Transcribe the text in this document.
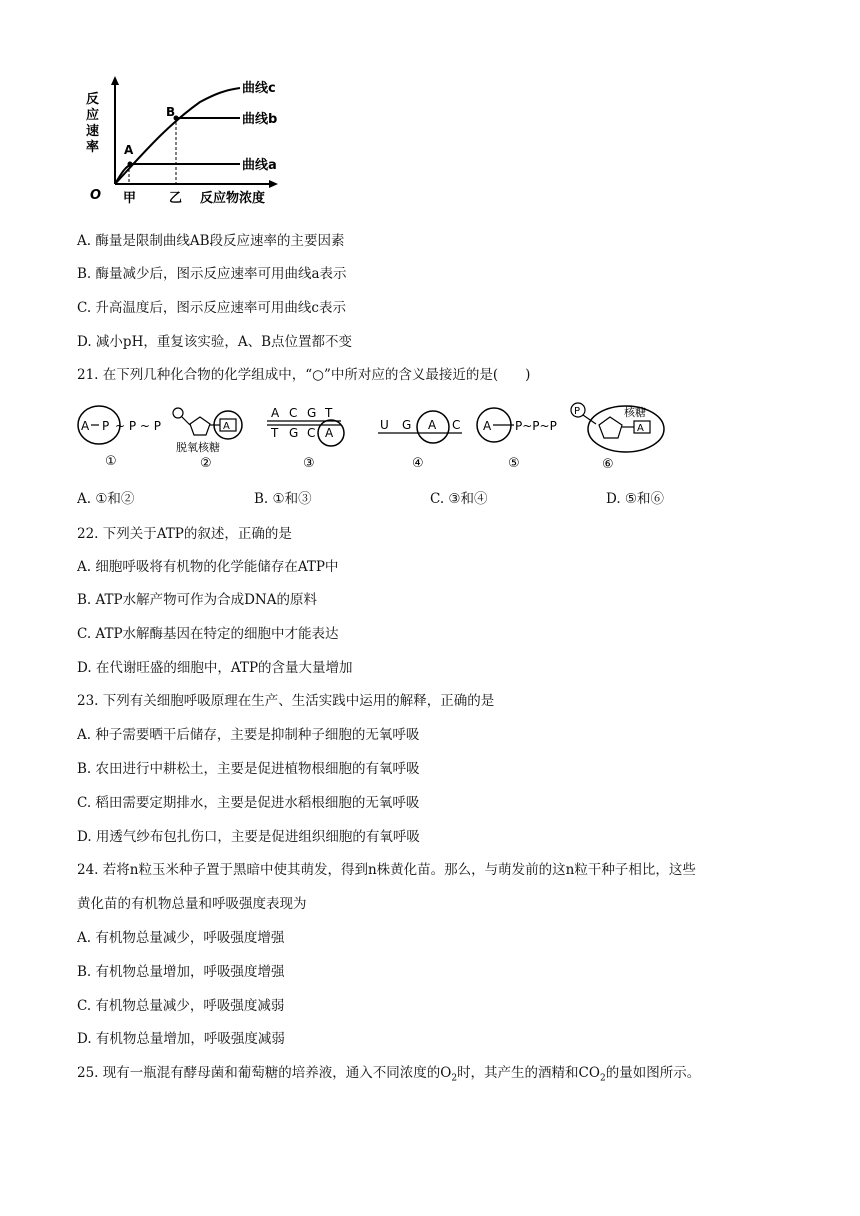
反
应
速
率
O 甲	乙 反应物浓度
A
B
曲线c
曲线b
曲线a
A. 酶量是限制曲线AB段反应速率的主要因素
B. 酶量减少后，图示反应速率可用曲线a表示
C. 升高温度后，图示反应速率可用曲线c表示
D. 减小pH，重复该实验，A、B点位置都不变
21. 在下列几种化合物的化学组成中，“○”中所对应的含义最接近的是(　　)
A P ~ P ~ P
①
A
脱氧核糖
②
A C G T
T G C A
③
U G A C
④
A P~P~P
⑤
P	核糖
A
⑥
A. ①和②	B. ①和③	C. ③和④	D. ⑤和⑥
22. 下列关于ATP的叙述，正确的是
A. 细胞呼吸将有机物的化学能储存在ATP中
B. ATP水解产物可作为合成DNA的原料
C. ATP水解酶基因在特定的细胞中才能表达
D. 在代谢旺盛的细胞中，ATP的含量大量增加
23. 下列有关细胞呼吸原理在生产、生活实践中运用的解释，正确的是
A. 种子需要晒干后储存，主要是抑制种子细胞的无氧呼吸
B. 农田进行中耕松土，主要是促进植物根细胞的有氧呼吸
C. 稻田需要定期排水，主要是促进水稻根细胞的无氧呼吸
D. 用透气纱布包扎伤口，主要是促进组织细胞的有氧呼吸
24. 若将n粒玉米种子置于黑暗中使其萌发，得到n株黄化苗。那么，与萌发前的这n粒干种子相比，这些
黄化苗的有机物总量和呼吸强度表现为
A. 有机物总量减少，呼吸强度增强
B. 有机物总量增加，呼吸强度增强
C. 有机物总量减少，呼吸强度减弱
D. 有机物总量增加，呼吸强度减弱
25. 现有一瓶混有酵母菌和葡萄糖的培养液，通入不同浓度的$O_2$时，其产生的酒精和$CO_2$的量如图所示。
